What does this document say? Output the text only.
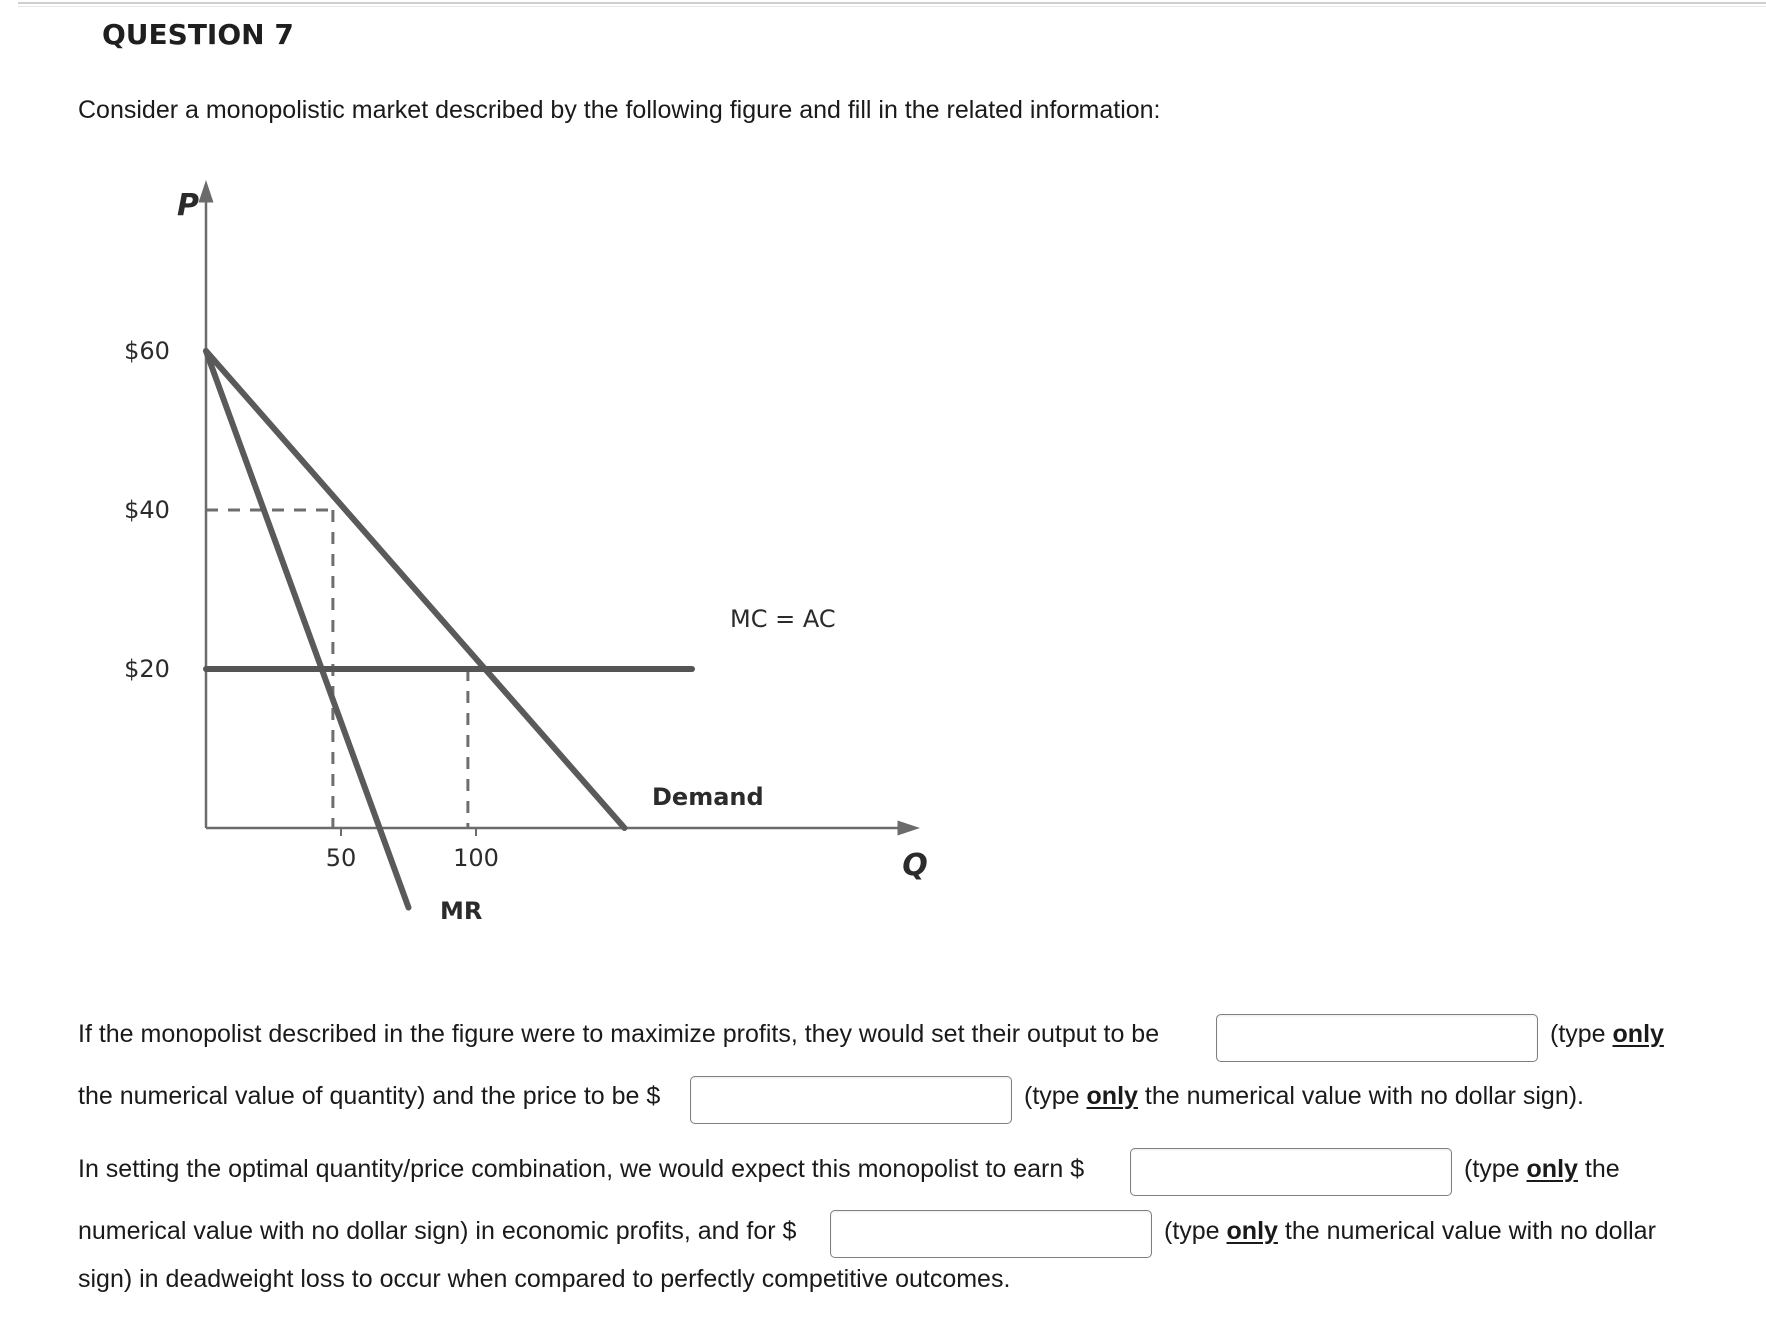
QUESTION 7
Consider a monopolistic market described by the following figure and fill in the related information:
$60
$40
$20
50	100
P
Q
MC = AC
Demand
MR
If the monopolist described in the figure were to maximize profits, they would set their output to be	(type only
the numerical value of quantity) and the price to be $	(type only the numerical value with no dollar sign).
In setting the optimal quantity/price combination, we would expect this monopolist to earn $	(type only the
numerical value with no dollar sign) in economic profits, and for $	(type only the numerical value with no dollar
sign) in deadweight loss to occur when compared to perfectly competitive outcomes.
